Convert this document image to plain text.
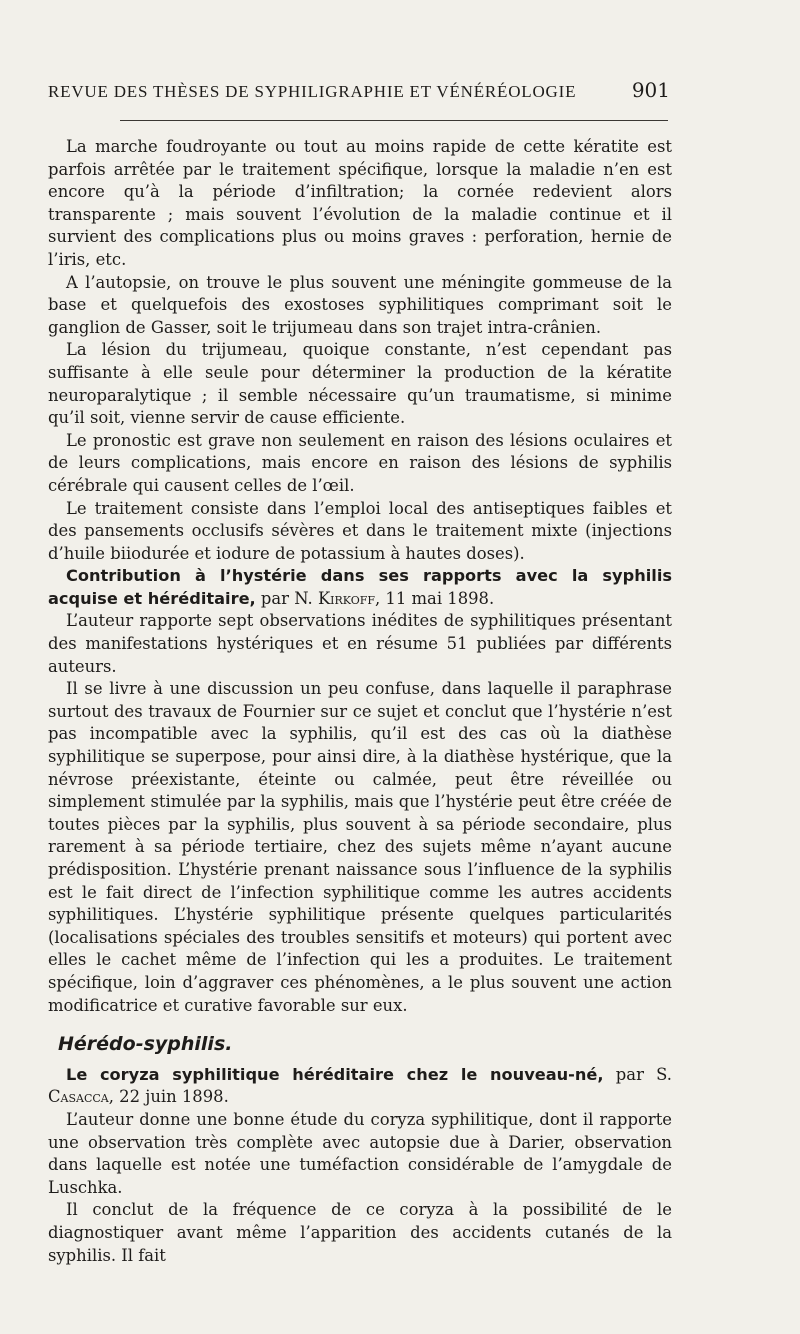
REVUE DES THÈSES DE SYPHILIGRAPHIE ET VÉNÉRÉOLOGIE	901

La marche foudroyante ou tout au moins rapide de cette kératite est parfois arrêtée par le traitement spécifique, lorsque la maladie n’en est encore qu’à la période d’infiltration; la cornée redevient alors transparente ; mais souvent l’évolution de la maladie continue et il survient des complications plus ou moins graves : perforation, hernie de l’iris, etc.

A l’autopsie, on trouve le plus souvent une méningite gommeuse de la base et quelquefois des exostoses syphilitiques comprimant soit le ganglion de Gasser, soit le trijumeau dans son trajet intra-crânien.

La lésion du trijumeau, quoique constante, n’est cependant pas suffisante à elle seule pour déterminer la production de la kératite neuroparalytique ; il semble nécessaire qu’un traumatisme, si minime qu’il soit, vienne servir de cause efficiente.

Le pronostic est grave non seulement en raison des lésions oculaires et de leurs complications, mais encore en raison des lésions de syphilis cérébrale qui causent celles de l’œil.

Le traitement consiste dans l’emploi local des antiseptiques faibles et des pansements occlusifs sévères et dans le traitement mixte (injections d’huile biiodurée et iodure de potassium à hautes doses).

Contribution à l’hystérie dans ses rapports avec la syphilis acquise et héréditaire, par N. Kirkoff, 11 mai 1898.

L’auteur rapporte sept observations inédites de syphilitiques présentant des manifestations hystériques et en résume 51 publiées par différents auteurs.

Il se livre à une discussion un peu confuse, dans laquelle il paraphrase surtout des travaux de Fournier sur ce sujet et conclut que l’hystérie n’est pas incompatible avec la syphilis, qu’il est des cas où la diathèse syphilitique se superpose, pour ainsi dire, à la diathèse hystérique, que la névrose préexistante, éteinte ou calmée, peut être réveillée ou simplement stimulée par la syphilis, mais que l’hystérie peut être créée de toutes pièces par la syphilis, plus souvent à sa période secondaire, plus rarement à sa période tertiaire, chez des sujets même n’ayant aucune prédisposition. L’hystérie prenant naissance sous l’influence de la syphilis est le fait direct de l’infection syphilitique comme les autres accidents syphilitiques. L’hystérie syphilitique présente quelques particularités (localisations spéciales des troubles sensitifs et moteurs) qui portent avec elles le cachet même de l’infection qui les a produites. Le traitement spécifique, loin d’aggraver ces phénomènes, a le plus souvent une action modificatrice et curative favorable sur eux.

Hérédo-syphilis.

Le coryza syphilitique héréditaire chez le nouveau-né, par S. Casacca, 22 juin 1898.

L’auteur donne une bonne étude du coryza syphilitique, dont il rapporte une observation très complète avec autopsie due à Darier, observation dans laquelle est notée une tuméfaction considérable de l’amygdale de Luschka.

Il conclut de la fréquence de ce coryza à la possibilité de le diagnostiquer avant même l’apparition des accidents cutanés de la syphilis. Il fait
